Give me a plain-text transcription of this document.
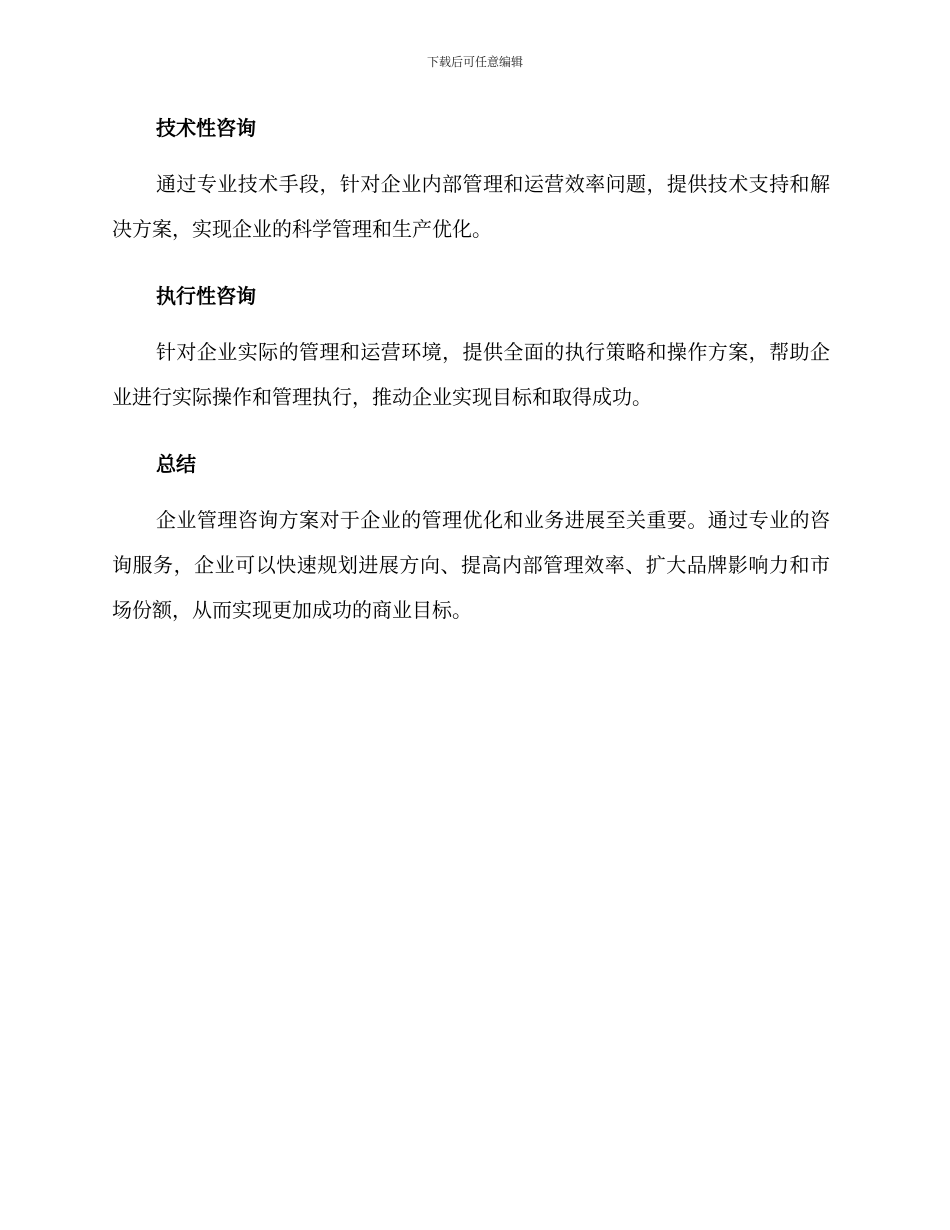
下载后可任意编辑
技术性咨询

通过专业技术手段，针对企业内部管理和运营效率问题，提供技术支持和解决方案，实现企业的科学管理和生产优化。

执行性咨询

针对企业实际的管理和运营环境，提供全面的执行策略和操作方案，帮助企业进行实际操作和管理执行，推动企业实现目标和取得成功。

总结

企业管理咨询方案对于企业的管理优化和业务进展至关重要。通过专业的咨询服务，企业可以快速规划进展方向、提高内部管理效率、扩大品牌影响力和市场份额，从而实现更加成功的商业目标。
